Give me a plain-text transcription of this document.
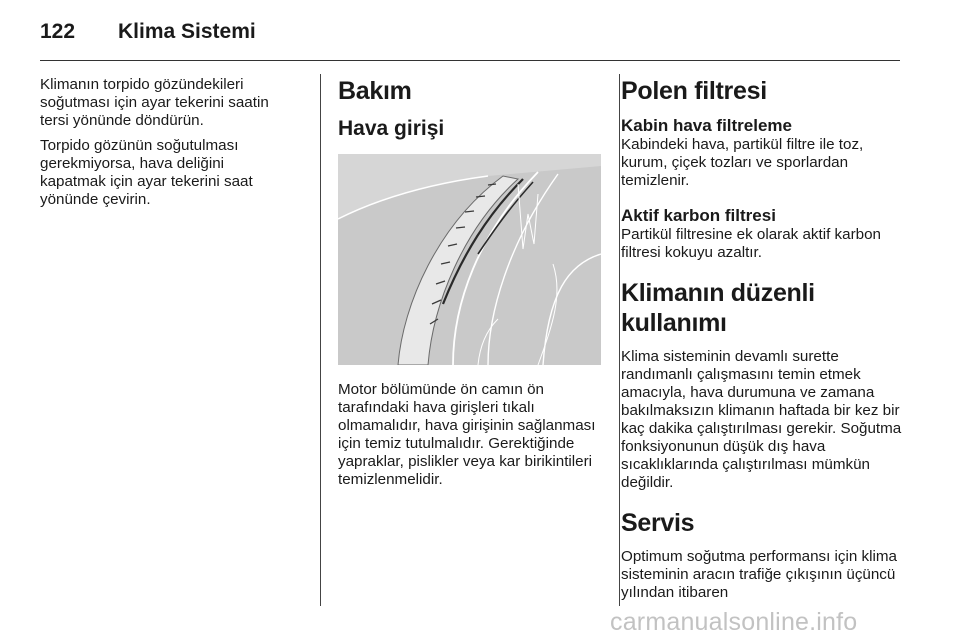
122 Klima Sistemi

Klimanın torpido gözündekileri soğutması için ayar tekerini saatin tersi yönünde döndürün.

Torpido gözünün soğutulması gerekmiyorsa, hava deliğini kapatmak için ayar tekerini saat yönünde çevirin.

Bakım
Hava girişi

Motor bölümünde ön camın ön tarafındaki hava girişleri tıkalı olmamalıdır, hava girişinin sağlanması için temiz tutulmalıdır. Gerektiğinde yapraklar, pislikler veya kar birikintileri temizlenmelidir.

Polen filtresi
Kabin hava filtreleme

Kabindeki hava, partikül filtre ile toz, kurum, çiçek tozları ve sporlardan temizlenir.

Aktif karbon filtresi

Partikül filtresine ek olarak aktif karbon filtresi kokuyu azaltır.

Klimanın düzenli kullanımı

Klima sisteminin devamlı surette randımanlı çalışmasını temin etmek amacıyla, hava durumuna ve zamana bakılmaksızın klimanın haftada bir kez bir kaç dakika çalıştırılması gerekir. Soğutma fonksiyonunun düşük dış hava sıcaklıklarında çalıştırılması mümkün değildir.

Servis

Optimum soğutma performansı için klima sisteminin aracın trafiğe çıkışının üçüncü yılından itibaren

carmanualsonline.info
